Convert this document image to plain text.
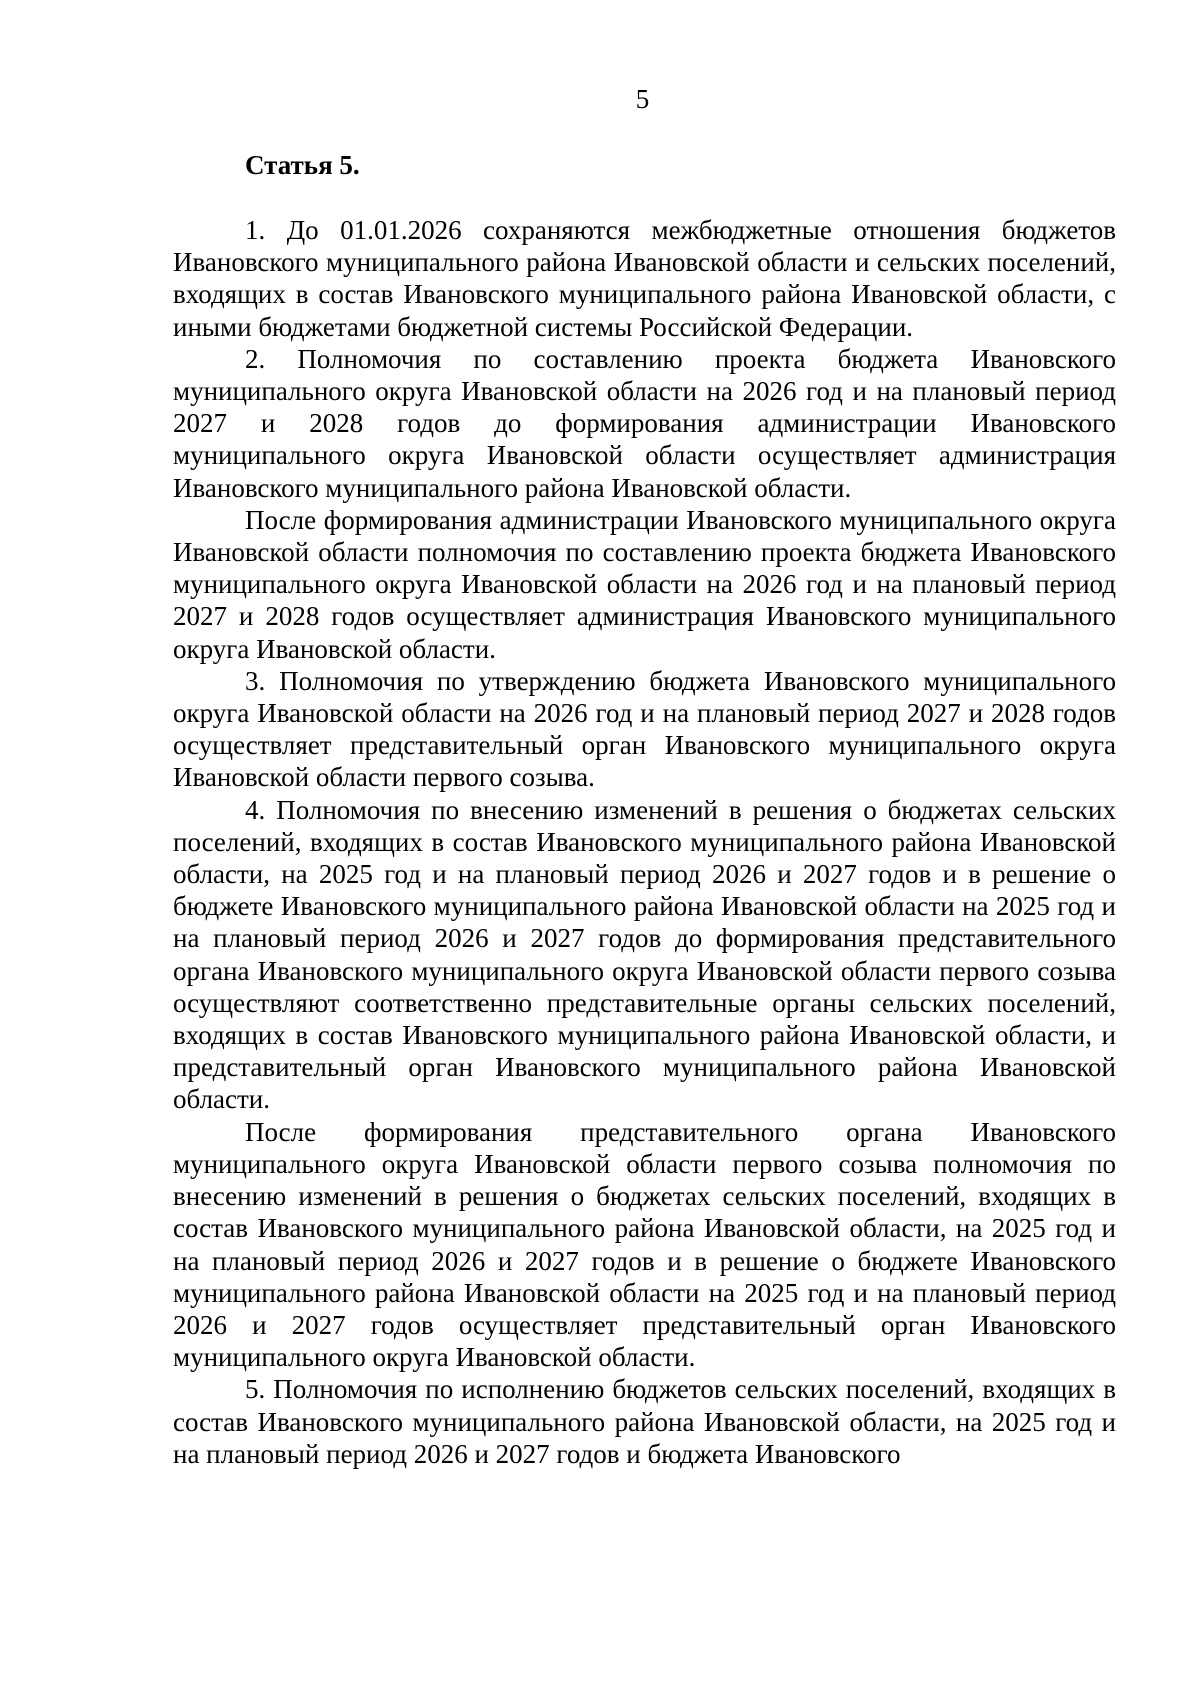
5
Статья 5.

1. До 01.01.2026 сохраняются межбюджетные отношения бюджетов Ивановского муниципального района Ивановской области и сельских поселений, входящих в состав Ивановского муниципального района Ивановской области, с иными бюджетами бюджетной системы Российской Федерации.

2. Полномочия по составлению проекта бюджета Ивановского муниципального округа Ивановской области на 2026 год и на плановый период 2027 и 2028 годов до формирования администрации Ивановского муниципального округа Ивановской области осуществляет администрация Ивановского муниципального района Ивановской области.

После формирования администрации Ивановского муниципального округа Ивановской области полномочия по составлению проекта бюджета Ивановского муниципального округа Ивановской области на 2026 год и на плановый период 2027 и 2028 годов осуществляет администрация Ивановского муниципального округа Ивановской области.

3. Полномочия по утверждению бюджета Ивановского муниципального округа Ивановской области на 2026 год и на плановый период 2027 и 2028 годов осуществляет представительный орган Ивановского муниципального округа Ивановской области первого созыва.

4. Полномочия по внесению изменений в решения о бюджетах сельских поселений, входящих в состав Ивановского муниципального района Ивановской области, на 2025 год и на плановый период 2026 и 2027 годов и в решение о бюджете Ивановского муниципального района Ивановской области на 2025 год и на плановый период 2026 и 2027 годов до формирования представительного органа Ивановского муниципального округа Ивановской области первого созыва осуществляют соответственно представительные органы сельских поселений, входящих в состав Ивановского муниципального района Ивановской области, и представительный орган Ивановского муниципального района Ивановской области.

После формирования представительного органа Ивановского муниципального округа Ивановской области первого созыва полномочия по внесению изменений в решения о бюджетах сельских поселений, входящих в состав Ивановского муниципального района Ивановской области, на 2025 год и на плановый период 2026 и 2027 годов и в решение о бюджете Ивановского муниципального района Ивановской области на 2025 год и на плановый период 2026 и 2027 годов осуществляет представительный орган Ивановского муниципального округа Ивановской области.

5. Полномочия по исполнению бюджетов сельских поселений, входящих в состав Ивановского муниципального района Ивановской области, на 2025 год и на плановый период 2026 и 2027 годов и бюджета Ивановского
